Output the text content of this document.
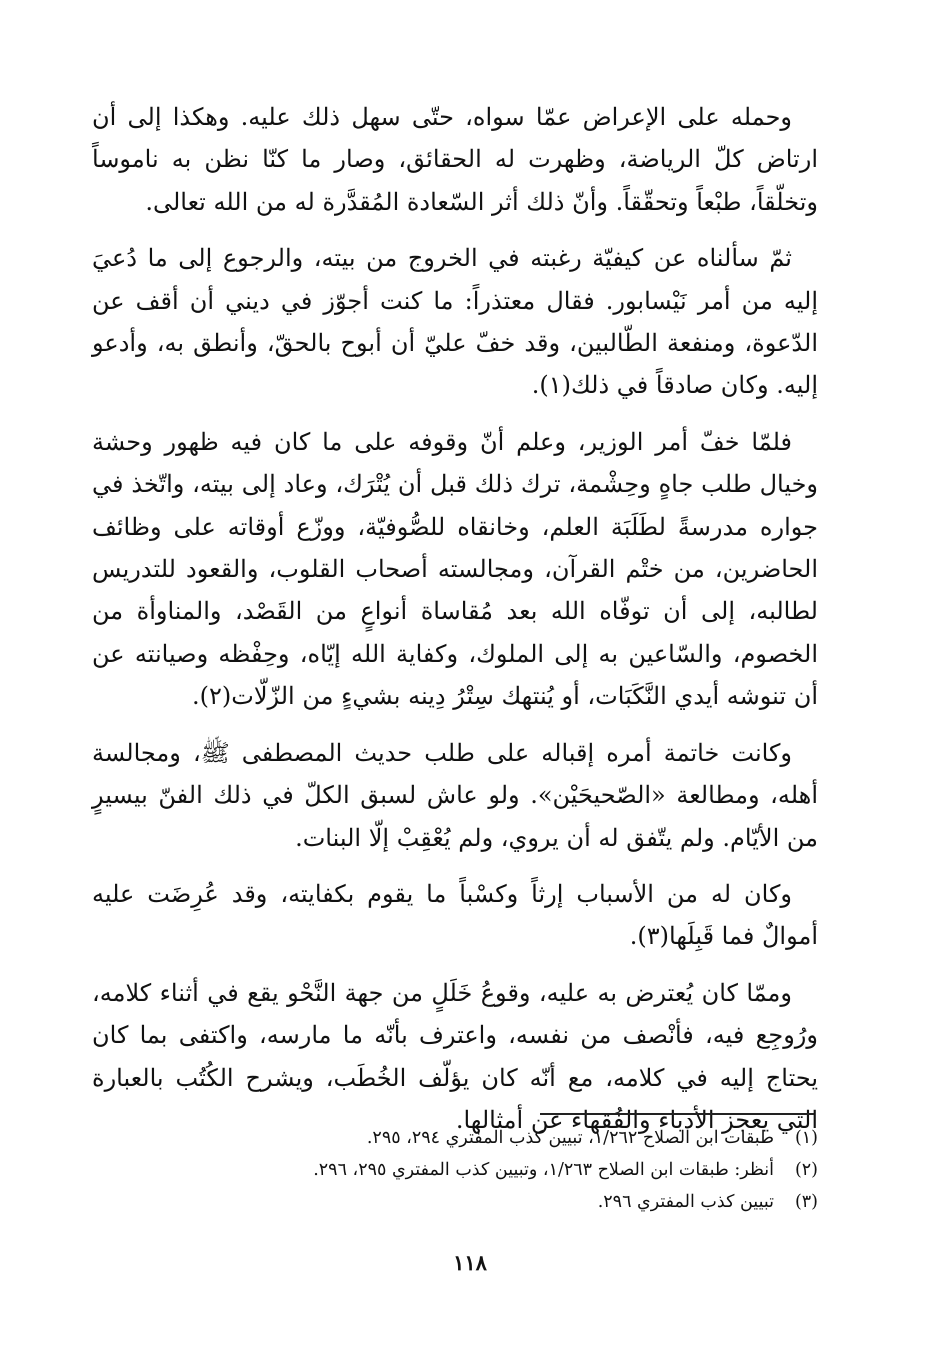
وحمله على الإعراض عمّا سواه، حتّى سهل ذلك عليه. وهكذا إلى أن ارتاض كلّ الرياضة، وظهرت له الحقائق، وصار ما كنّا نظن به ناموساً وتخلّقاً، طبْعاً وتحقّقاً. وأنّ ذلك أثر السّعادة المُقدَّرة له من الله تعالى.

ثمّ سألناه عن كيفيّة رغبته في الخروج من بيته، والرجوع إلى ما دُعيَ إليه من أمر نَيْسابور. فقال معتذراً: ما كنت أجوّز في ديني أن أقف عن الدّعوة، ومنفعة الطّالبين، وقد خفّ عليّ أن أبوح بالحقّ، وأنطق به، وأدعو إليه. وكان صادقاً في ذلك(١).

فلمّا خفّ أمر الوزير، وعلم أنّ وقوفه على ما كان فيه ظهور وحشة وخيال طلب جاهٍ وحِشْمة، ترك ذلك قبل أن يُتْرَك، وعاد إلى بيته، واتّخذ في جواره مدرسةً لطَلَبَة العلم، وخانقاه للصُّوفيّة، ووزّع أوقاته على وظائف الحاضرين، من ختْم القرآن، ومجالسته أصحاب القلوب، والقعود للتدريس لطالبه، إلى أن توفّاه الله بعد مُقاساة أنواعٍ من القَصْد، والمناوأة من الخصوم، والسّاعين به إلى الملوك، وكفاية الله إيّاه، وحِفْظه وصيانته عن أن تنوشه أيدي النَّكَبَات، أو يُنتهك سِتْرُ دِينه بشيءٍ من الزّلّات(٢).

وكانت خاتمة أمره إقباله على طلب حديث المصطفى ﷺ، ومجالسة أهله، ومطالعة «الصّحيحَيْن». ولو عاش لسبق الكلّ في ذلك الفنّ بيسيرٍ من الأيّام. ولم يتّفق له أن يروي، ولم يُعْقِبْ إلّا البنات.

وكان له من الأسباب إرثاً وكسْباً ما يقوم بكفايته، وقد عُرِضَت عليه أموالٌ فما قَبِلَها(٣).

وممّا كان يُعترض به عليه، وقوعُ خَلَلٍ من جهة النَّحْو يقع في أثناء كلامه، ورُوجِع فيه، فأنْصف من نفسه، واعترف بأنّه ما مارسه، واكتفى بما كان يحتاج إليه في كلامه، مع أنّه كان يؤلّف الخُطَب، ويشرح الكُتُب بالعبارة التي يعجز الأدباء والفُقهاء عن أمثالها.

(١)طبقات ابن الصلاح ١/٢٦٢، تبيين كذب المفتري ٢٩٤، ٢٩٥.

(٢)أنظر: طبقات ابن الصلاح ١/٢٦٣، وتبيين كذب المفتري ٢٩٥، ٢٩٦.

(٣)تبيين كذب المفتري ٢٩٦.

١١٨
